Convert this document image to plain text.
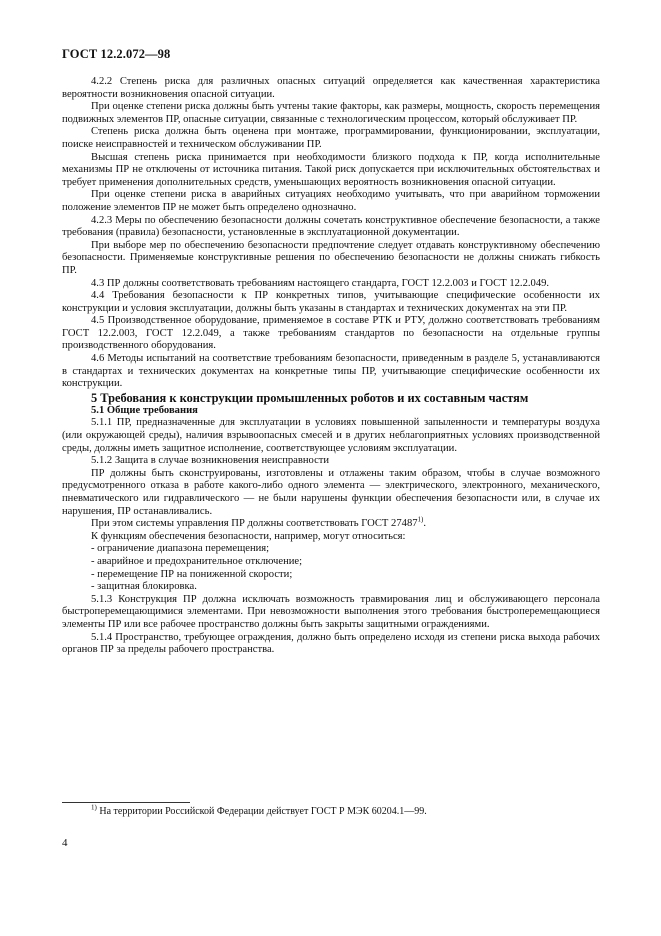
ГОСТ 12.2.072—98

4.2.2 Степень риска для различных опасных ситуаций определяется как качественная характеристика вероятности возникновения опасной ситуации.

При оценке степени риска должны быть учтены такие факторы, как размеры, мощность, скорость перемещения подвижных элементов ПР, опасные ситуации, связанные с технологическим процессом, который обслуживает ПР.

Степень риска должна быть оценена при монтаже, программировании, функционировании, эксплуатации, поиске неисправностей и техническом обслуживании ПР.

Высшая степень риска принимается при необходимости близкого подхода к ПР, когда исполнительные механизмы ПР не отключены от источника питания. Такой риск допускается при исключительных обстоятельствах и требует применения дополнительных средств, уменьшающих вероятность возникновения опасной ситуации.

При оценке степени риска в аварийных ситуациях необходимо учитывать, что при аварийном торможении положение элементов ПР не может быть определено однозначно.

4.2.3 Меры по обеспечению безопасности должны сочетать конструктивное обеспечение безопасности, а также требования (правила) безопасности, установленные в эксплуатационной документации.

При выборе мер по обеспечению безопасности предпочтение следует отдавать конструктивному обеспечению безопасности. Применяемые конструктивные решения по обеспечению безопасности не должны снижать гибкость ПР.

4.3 ПР должны соответствовать требованиям настоящего стандарта, ГОСТ 12.2.003 и ГОСТ 12.2.049.

4.4 Требования безопасности к ПР конкретных типов, учитывающие специфические особенности их конструкции и условия эксплуатации, должны быть указаны в стандартах и технических документах на эти ПР.

4.5 Производственное оборудование, применяемое в составе РТК и РТУ, должно соответствовать требованиям ГОСТ 12.2.003, ГОСТ 12.2.049, а также требованиям стандартов по безопасности на отдельные группы производственного оборудования.

4.6 Методы испытаний на соответствие требованиям безопасности, приведенным в разделе 5, устанавливаются в стандартах и технических документах на конкретные типы ПР, учитывающие специфические особенности их конструкции.

5 Требования к конструкции промышленных роботов и их составным частям

5.1 Общие требования

5.1.1 ПР, предназначенные для эксплуатации в условиях повышенной запыленности и температуры воздуха (или окружающей среды), наличия взрывоопасных смесей и в других неблагоприятных условиях производственной среды, должны иметь защитное исполнение, соответствующее условиям эксплуатации.

5.1.2 Защита в случае возникновения неисправности

ПР должны быть сконструированы, изготовлены и отлажены таким образом, чтобы в случае возможного предусмотренного отказа в работе какого-либо одного элемента — электрического, электронного, механического, пневматического или гидравлического — не были нарушены функции обеспечения безопасности или, в случае их нарушения, ПР останавливались.

При этом системы управления ПР должны соответствовать ГОСТ 27487$^{1)}$.

К функциям обеспечения безопасности, например, могут относиться:

- ограничение диапазона перемещения;

- аварийное и предохранительное отключение;

- перемещение ПР на пониженной скорости;

- защитная блокировка.

5.1.3 Конструкция ПР должна исключать возможность травмирования лиц и обслуживающего персонала быстроперемещающимися элементами. При невозможности выполнения этого требования быстроперемещающиеся элементы ПР или все рабочее пространство должны быть закрыты защитными ограждениями.

5.1.4 Пространство, требующее ограждения, должно быть определено исходя из степени риска выхода рабочих органов ПР за пределы рабочего пространства.

$^{1)}$ На территории Российской Федерации действует ГОСТ Р МЭК 60204.1—99.
4
